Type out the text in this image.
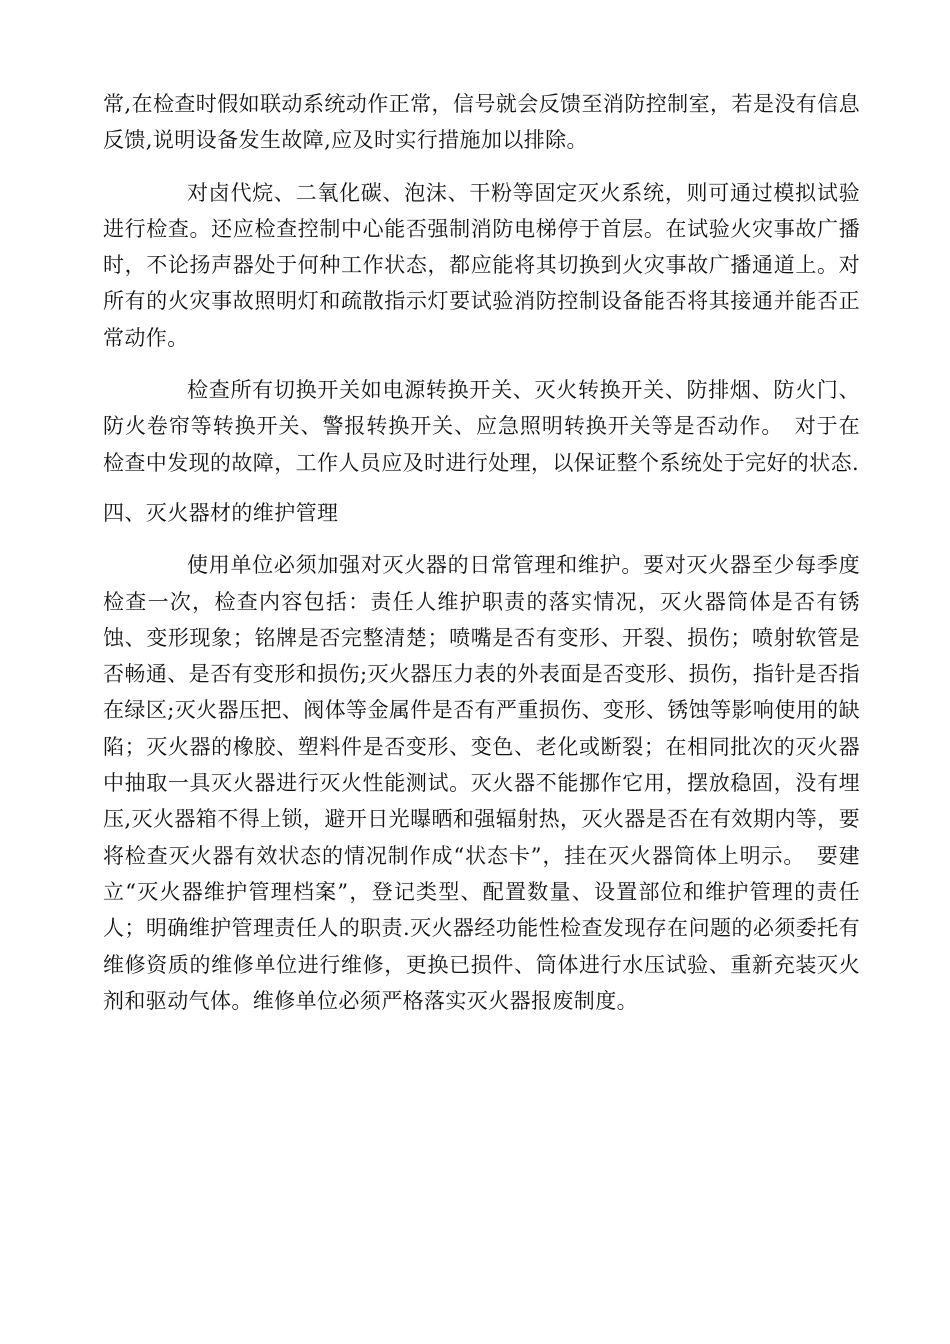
常,在检查时假如联动系统动作正常，信号就会反馈至消防控制室，若是没有信息反馈,说明设备发生故障,应及时实行措施加以排除。

对卤代烷、二氧化碳、泡沫、干粉等固定灭火系统，则可通过模拟试验进行检查。还应检查控制中心能否强制消防电梯停于首层。在试验火灾事故广播时，不论扬声器处于何种工作状态，都应能将其切换到火灾事故广播通道上。对所有的火灾事故照明灯和疏散指示灯要试验消防控制设备能否将其接通并能否正常动作。

检查所有切换开关如电源转换开关、灭火转换开关、防排烟、防火门、防火卷帘等转换开关、警报转换开关、应急照明转换开关等是否动作。　对于在检查中发现的故障，工作人员应及时进行处理，以保证整个系统处于完好的状态.

四、灭火器材的维护管理

使用单位必须加强对灭火器的日常管理和维护。要对灭火器至少每季度检查一次，检查内容包括：责任人维护职责的落实情况，灭火器筒体是否有锈蚀、变形现象；铭牌是否完整清楚；喷嘴是否有变形、开裂、损伤；喷射软管是否畅通、是否有变形和损伤;灭火器压力表的外表面是否变形、损伤，指针是否指在绿区;灭火器压把、阀体等金属件是否有严重损伤、变形、锈蚀等影响使用的缺陷；灭火器的橡胶、塑料件是否变形、变色、老化或断裂；在相同批次的灭火器中抽取一具灭火器进行灭火性能测试。灭火器不能挪作它用，摆放稳固，没有埋压,灭火器箱不得上锁，避开日光曝晒和强辐射热，灭火器是否在有效期内等，要将检查灭火器有效状态的情况制作成“状态卡”，挂在灭火器筒体上明示。　要建立“灭火器维护管理档案”，登记类型、配置数量、设置部位和维护管理的责任人；明确维护管理责任人的职责.灭火器经功能性检查发现存在问题的必须委托有维修资质的维修单位进行维修，更换已损件、筒体进行水压试验、重新充装灭火剂和驱动气体。维修单位必须严格落实灭火器报废制度。
